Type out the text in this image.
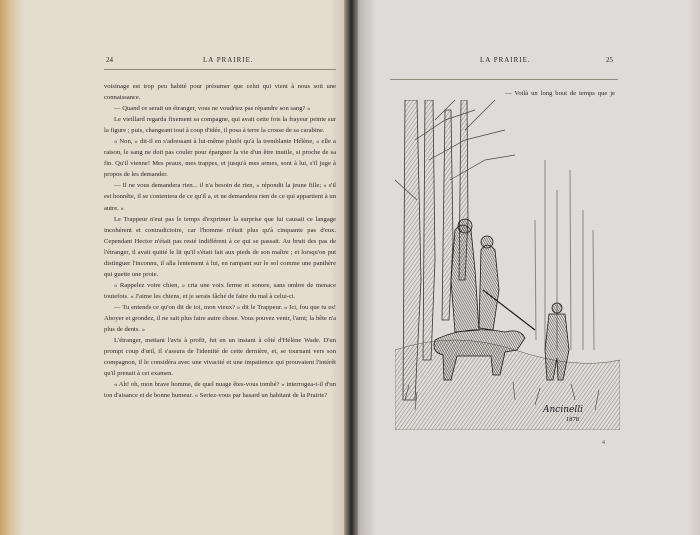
24	LA PRAIRIE.

voisinage est trop peu habité pour présumer que celui qui vient à nous soit une connaissance.

— Quand ce serait un étranger, vous ne voudriez pas répandre son sang? »

Le vieillard regarda fixement sa compagne, qui avait cette fois la frayeur peinte sur la figure ; puis, changeant tout à coup d'idée, il posa à terre la crosse de sa carabine.

« Non, » dit-il en s'adressant à lui-même plutôt qu'à la tremblante Hélène, « elle a raison, le sang ne doit pas couler pour épargner la vie d'un être inutile, si proche de sa fin. Qu'il vienne! Mes peaux, mes trappes, et jusqu'à mes armes, sont à lui, s'il juge à propos de les demander.

— Il ne vous demandera rien... il n'a besoin de rien, » répondit la jeune fille; « s'il est honnête, il se contentera de ce qu'il a, et ne demandera rien de ce qui appartient à un autre. »

Le Trappeur n'eut pas le temps d'exprimer la surprise que lui causait ce langage incohérent et contradictoire, car l'homme n'était plus qu'à cinquante pas d'eux. Cependant Hector n'était pas resté indifférent à ce qui se passait. Au bruit des pas de l'étranger, il avait quitté le lit qu'il s'était fait aux pieds de son maître ; et lorsqu'on put distinguer l'inconnu, il alla lentement à lui, en rampant sur le sol comme une panthère qui guette une proie.

« Rappelez votre chien, » cria une voix ferme et sonore, sans ombre de menace toutefois. « J'aime les chiens, et je serais fâché de faire du mal à celui-ci.

— Tu entends ce qu'on dit de toi, mon vieux? » dit le Trappeur. « Ici, fou que tu es! Aboyer et grondez, il ne sait plus faire autre chose. Vous pouvez venir, l'ami; la bête n'a plus de dents. »

L'étranger, mettant l'avis à profit, fut en un instant à côté d'Hélène Wade. D'un prompt coup d'œil, il s'assura de l'identité de cette dernière, et, se tournant vers son compagnon, il le considéra avec une vivacité et une impatience qui prouvaient l'intérêt qu'il prenait à cet examen.

« Ah! oh, mon brave homme, de quel nuage êtes-vous tombé? » interrogea-t-il d'un ton d'aisance et de bonne humeur. « Seriez-vous par hasard un habitant de la Prairie?

LA PRAIRIE.	25

— Voilà un long bout de temps que je

Ancinelli
1878
4
